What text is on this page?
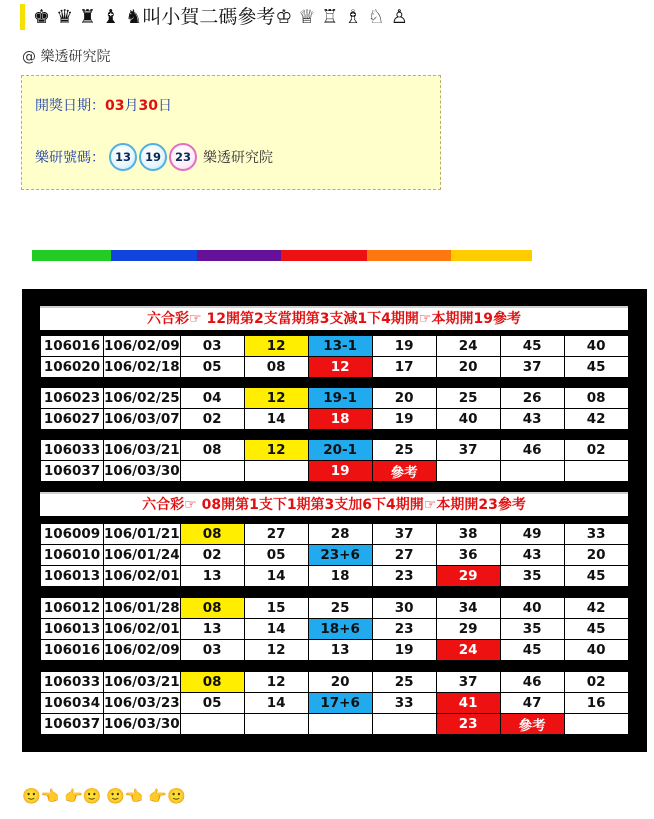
♚ ♛ ♜ ♝ ♞叫小賀二碼參考♔ ♕ ♖ ♗ ♘ ♙
@ 樂透研究院
開獎日期：03月30日
樂研號碼： 13	19	23 樂透研究院
六合彩☞ 12開第2支當期第3支減1下4期開☞本期開19參考
106016	106/02/09	03	12	13-1	19	24	45	40
106020	106/02/18	05	08	12	17	20	37	45
106023	106/02/25	04	12	19-1	20	25	26	08
106027	106/03/07	02	14	18	19	40	43	42
106033	106/03/21	08	12	20-1	25	37	46	02
106037	106/03/30			19	參考			
六合彩☞ 08開第1支下1期第3支加6下4期開☞本期開23參考
106009	106/01/21	08	27	28	37	38	49	33
106010	106/01/24	02	05	23+6	27	36	43	20
106013	106/02/01	13	14	18	23	29	35	45
106012	106/01/28	08	15	25	30	34	40	42
106013	106/02/01	13	14	18+6	23	29	35	45
106016	106/02/09	03	12	13	19	24	45	40
106033	106/03/21	08	12	20	25	37	46	02
106034	106/03/23	05	14	17+6	33	41	47	16
106037	106/03/30					23	參考	
🙂👈 👉🙂 🙂👈 👉🙂
